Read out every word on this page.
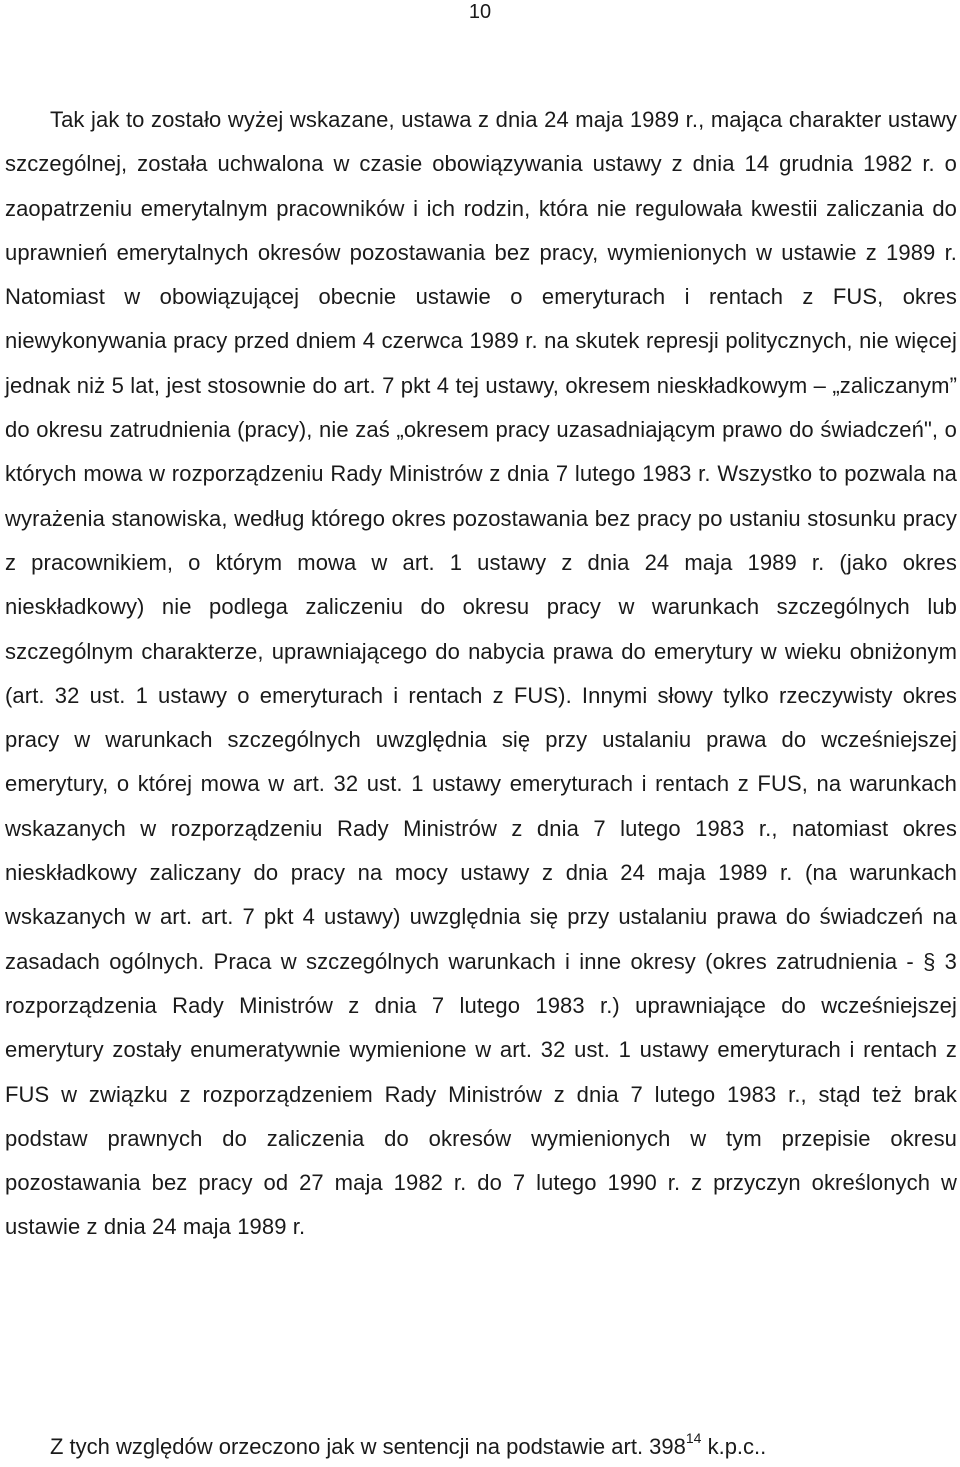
10

Tak jak to zostało wyżej wskazane, ustawa z dnia 24 maja 1989 r., mająca charakter ustawy szczególnej, została uchwalona w czasie obowiązywania ustawy z dnia 14 grudnia 1982 r. o zaopatrzeniu emerytalnym pracowników i ich rodzin, która nie regulowała kwestii zaliczania do uprawnień emerytalnych okresów pozostawania bez pracy, wymienionych w ustawie z 1989 r. Natomiast w obowiązującej obecnie ustawie o emeryturach i rentach z FUS, okres niewykonywania pracy przed dniem 4 czerwca 1989 r. na skutek represji politycznych, nie więcej jednak niż 5 lat, jest stosownie do art. 7 pkt 4 tej ustawy, okresem nieskładkowym – „zaliczanym” do okresu zatrudnienia (pracy), nie zaś „okresem pracy uzasadniającym prawo do świadczeń", o których mowa w rozporządzeniu Rady Ministrów z dnia 7 lutego 1983 r. Wszystko to pozwala na wyrażenia stanowiska, według którego okres pozostawania bez pracy po ustaniu stosunku pracy z pracownikiem, o którym mowa w art. 1 ustawy z dnia 24 maja 1989 r. (jako okres nieskładkowy) nie podlega zaliczeniu do okresu pracy w warunkach szczególnych lub szczególnym charakterze, uprawniającego do nabycia prawa do emerytury w wieku obniżonym (art. 32 ust. 1 ustawy o emeryturach i rentach z FUS). Innymi słowy tylko rzeczywisty okres pracy w warunkach szczególnych uwzględnia się przy ustalaniu prawa do wcześniejszej emerytury, o której mowa w art. 32 ust. 1 ustawy emeryturach i rentach z FUS, na warunkach wskazanych w rozporządzeniu Rady Ministrów z dnia 7 lutego 1983 r., natomiast okres nieskładkowy zaliczany do pracy na mocy ustawy z dnia 24 maja 1989 r. (na warunkach wskazanych w art. art. 7 pkt 4 ustawy) uwzględnia się przy ustalaniu prawa do świadczeń na zasadach ogólnych. Praca w szczególnych warunkach i inne okresy (okres zatrudnienia - § 3 rozporządzenia Rady Ministrów z dnia 7 lutego 1983 r.) uprawniające do wcześniejszej emerytury zostały enumeratywnie wymienione w art. 32 ust. 1 ustawy emeryturach i rentach z FUS w związku z rozporządzeniem Rady Ministrów z dnia 7 lutego 1983 r., stąd też brak podstaw prawnych do zaliczenia do okresów wymienionych w tym przepisie okresu pozostawania bez pracy od 27 maja 1982 r. do 7 lutego 1990 r. z przyczyn określonych w ustawie z dnia 24 maja 1989 r.

Z tych względów orzeczono jak w sentencji na podstawie art. $398^{14}$ k.p.c..
